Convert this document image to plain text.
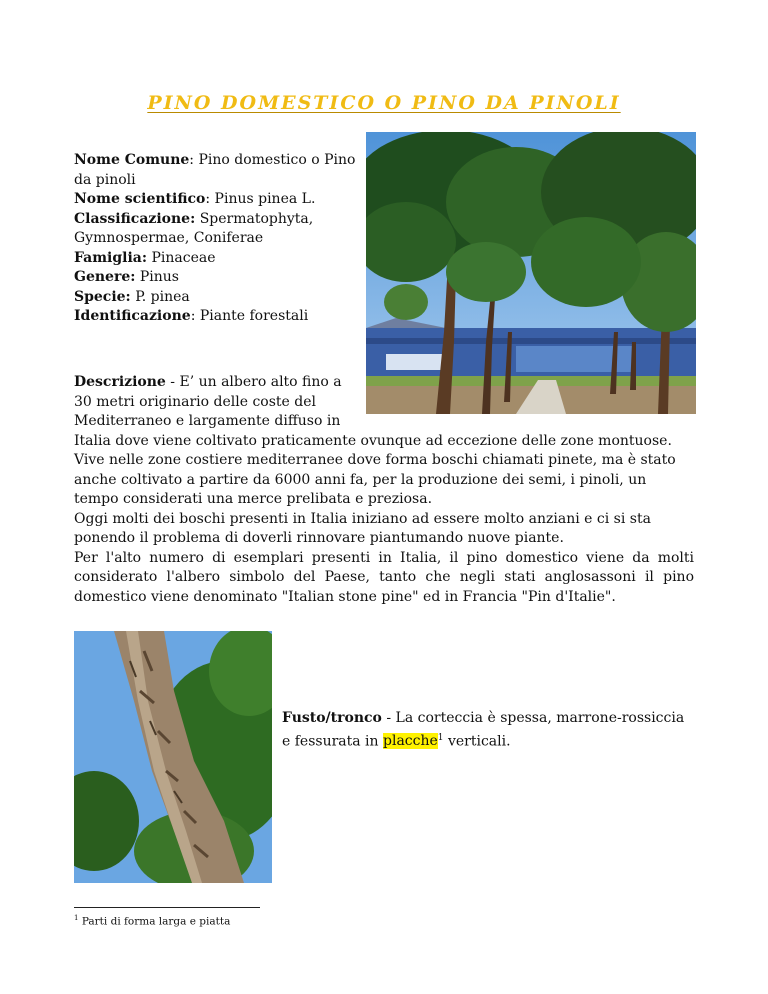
PINO DOMESTICO O PINO DA PINOLI
Nome Comune: Pino domestico o Pino da pinoli
Nome scientifico: Pinus pinea L.
Classificazione: Spermatophyta, Gymnospermae, Coniferae
Famiglia: Pinaceae
Genere: Pinus
Specie: P. pinea
Identificazione: Piante forestali

Descrizione - E’ un albero alto fino a
30 metri originario delle coste del
Mediterraneo e largamente diffuso in
Italia dove viene coltivato praticamente ovunque ad eccezione delle zone montuose.

Vive nelle zone costiere mediterranee dove forma boschi chiamati pinete, ma è stato anche coltivato a partire da 6000 anni fa, per la produzione dei semi, i pinoli, un tempo considerati una merce prelibata e preziosa.

Oggi molti dei boschi presenti in Italia iniziano ad essere molto anziani e ci si sta ponendo il problema di doverli rinnovare piantumando nuove piante.

Per l'alto numero di esemplari presenti in Italia, il pino domestico viene da molti considerato l'albero simbolo del Paese, tanto che negli stati anglosassoni il pino domestico viene denominato "Italian stone pine" ed in Francia "Pin d'Italie".

Fusto/tronco - La corteccia è spessa, marrone-rossiccia e fessurata in placche$^1$ verticali.
$^1$ Parti di forma larga e piatta
